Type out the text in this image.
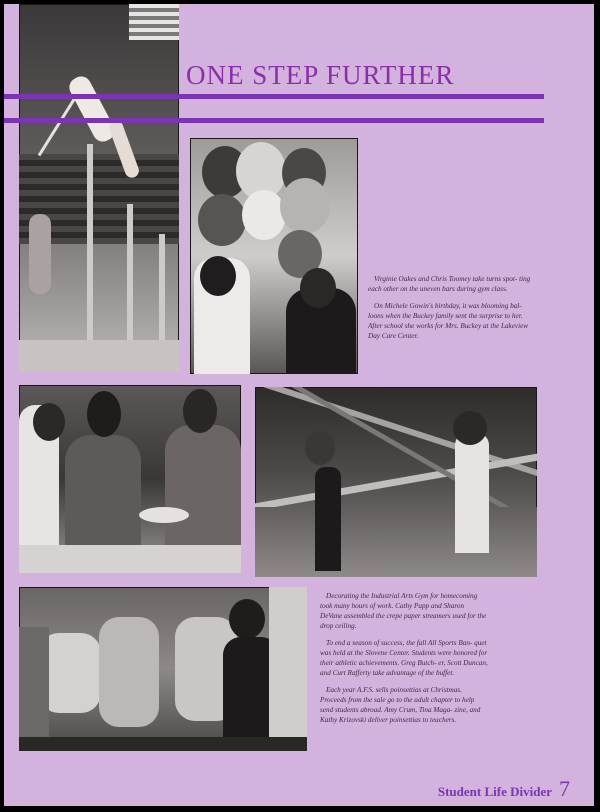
ONE STEP FURTHER

Virginie Oakes and Chris Toomey take turns spot- ting each other on the uneven bars during gym class.

On Michele Gowin's birthday, it was blooming bal- loons when the Buckey family sent the surprise to her. After school she works for Mrs. Buckey at the Lakeview Day Care Center.

Decorating the Industrial Arts Gym for homecoming took many hours of work. Cathy Papp and Sharon DeVane assembled the crepe paper streamers used for the drop ceiling.

To end a season of success, the fall All Sports Ban- quet was held at the Slovene Center. Students were honored for their athletic achievements. Greg Butch- er, Scott Duncan, and Curt Rafferty take advantage of the buffet.

Each year A.F.S. sells poinsettias at Christmas. Proceeds from the sale go to the adult chapter to help send students abroad. Amy Crum, Tina Maga- zine, and Kathy Krizovski deliver poinsettias to teachers.

Student Life Divider 7
